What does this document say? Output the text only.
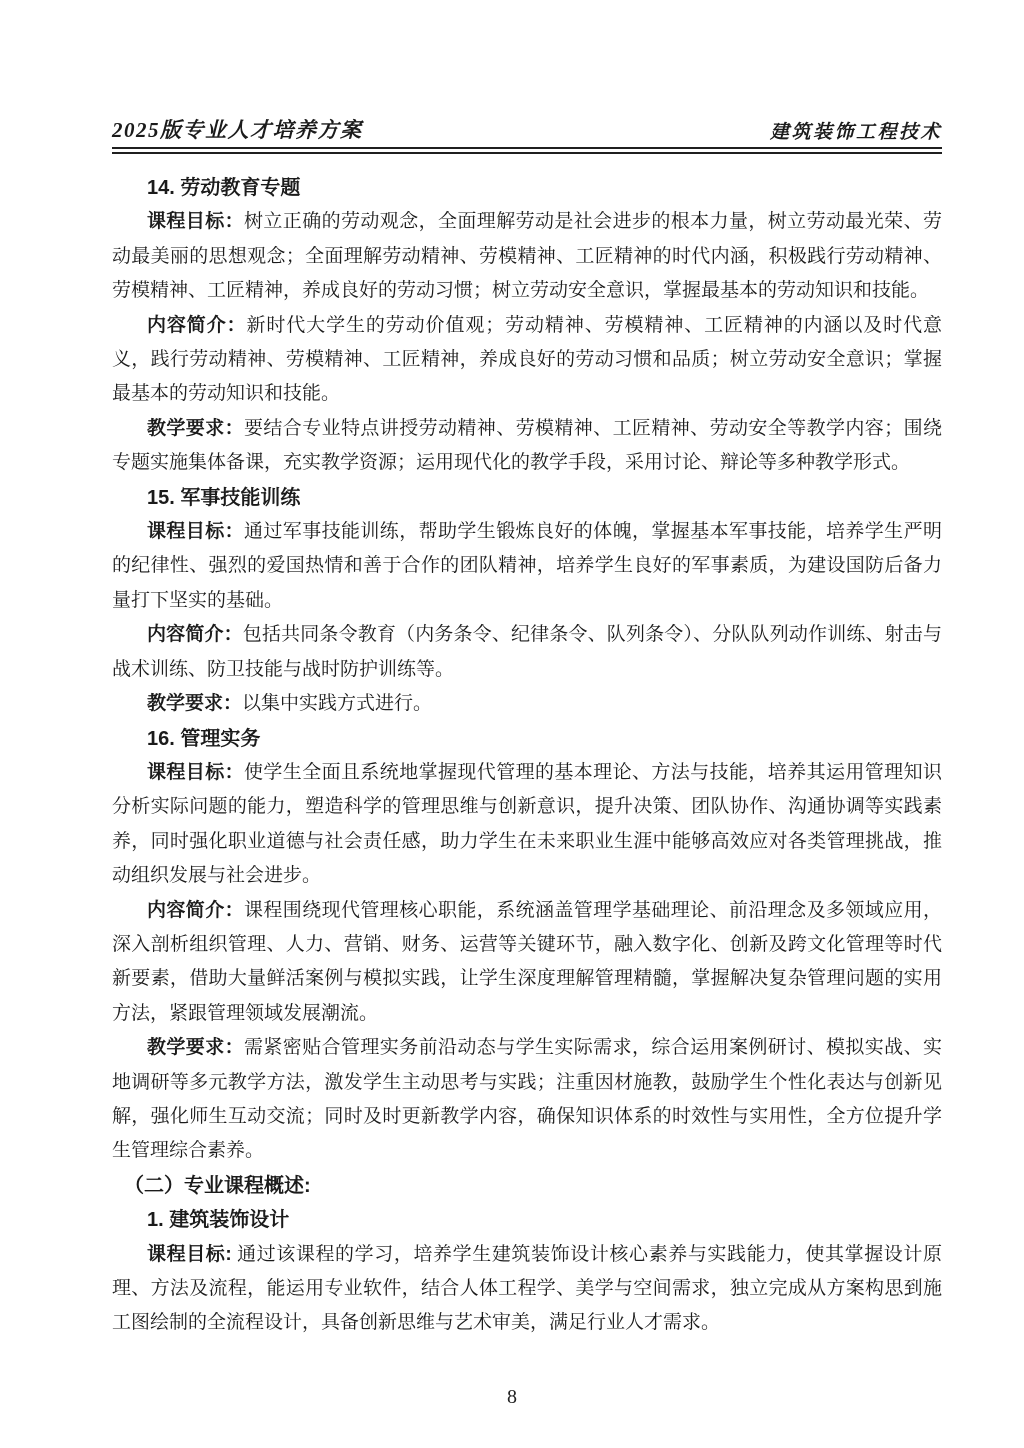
2025版专业人才培养方案	建筑装饰工程技术
14. 劳动教育专题

课程目标：树立正确的劳动观念，全面理解劳动是社会进步的根本力量，树立劳动最光荣、劳动最美丽的思想观念；全面理解劳动精神、劳模精神、工匠精神的时代内涵，积极践行劳动精神、劳模精神、工匠精神，养成良好的劳动习惯；树立劳动安全意识，掌握最基本的劳动知识和技能。

内容简介：新时代大学生的劳动价值观；劳动精神、劳模精神、工匠精神的内涵以及时代意义，践行劳动精神、劳模精神、工匠精神，养成良好的劳动习惯和品质；树立劳动安全意识；掌握最基本的劳动知识和技能。

教学要求：要结合专业特点讲授劳动精神、劳模精神、工匠精神、劳动安全等教学内容；围绕专题实施集体备课，充实教学资源；运用现代化的教学手段，采用讨论、辩论等多种教学形式。

15. 军事技能训练

课程目标：通过军事技能训练，帮助学生锻炼良好的体魄，掌握基本军事技能，培养学生严明的纪律性、强烈的爱国热情和善于合作的团队精神，培养学生良好的军事素质，为建设国防后备力量打下坚实的基础。

内容简介：包括共同条令教育（内务条令、纪律条令、队列条令）、分队队列动作训练、射击与战术训练、防卫技能与战时防护训练等。

教学要求：以集中实践方式进行。

16. 管理实务

课程目标：使学生全面且系统地掌握现代管理的基本理论、方法与技能，培养其运用管理知识分析实际问题的能力，塑造科学的管理思维与创新意识，提升决策、团队协作、沟通协调等实践素养，同时强化职业道德与社会责任感，助力学生在未来职业生涯中能够高效应对各类管理挑战，推动组织发展与社会进步。

内容简介：课程围绕现代管理核心职能，系统涵盖管理学基础理论、前沿理念及多领域应用，深入剖析组织管理、人力、营销、财务、运营等关键环节，融入数字化、创新及跨文化管理等时代新要素，借助大量鲜活案例与模拟实践，让学生深度理解管理精髓，掌握解决复杂管理问题的实用方法，紧跟管理领域发展潮流。

教学要求：需紧密贴合管理实务前沿动态与学生实际需求，综合运用案例研讨、模拟实战、实地调研等多元教学方法，激发学生主动思考与实践；注重因材施教，鼓励学生个性化表达与创新见解，强化师生互动交流；同时及时更新教学内容，确保知识体系的时效性与实用性，全方位提升学生管理综合素养。

（二）专业课程概述:
1. 建筑装饰设计

课程目标: 通过该课程的学习，培养学生建筑装饰设计核心素养与实践能力，使其掌握设计原理、方法及流程，能运用专业软件，结合人体工程学、美学与空间需求，独立完成从方案构思到施工图绘制的全流程设计，具备创新思维与艺术审美，满足行业人才需求。

8
